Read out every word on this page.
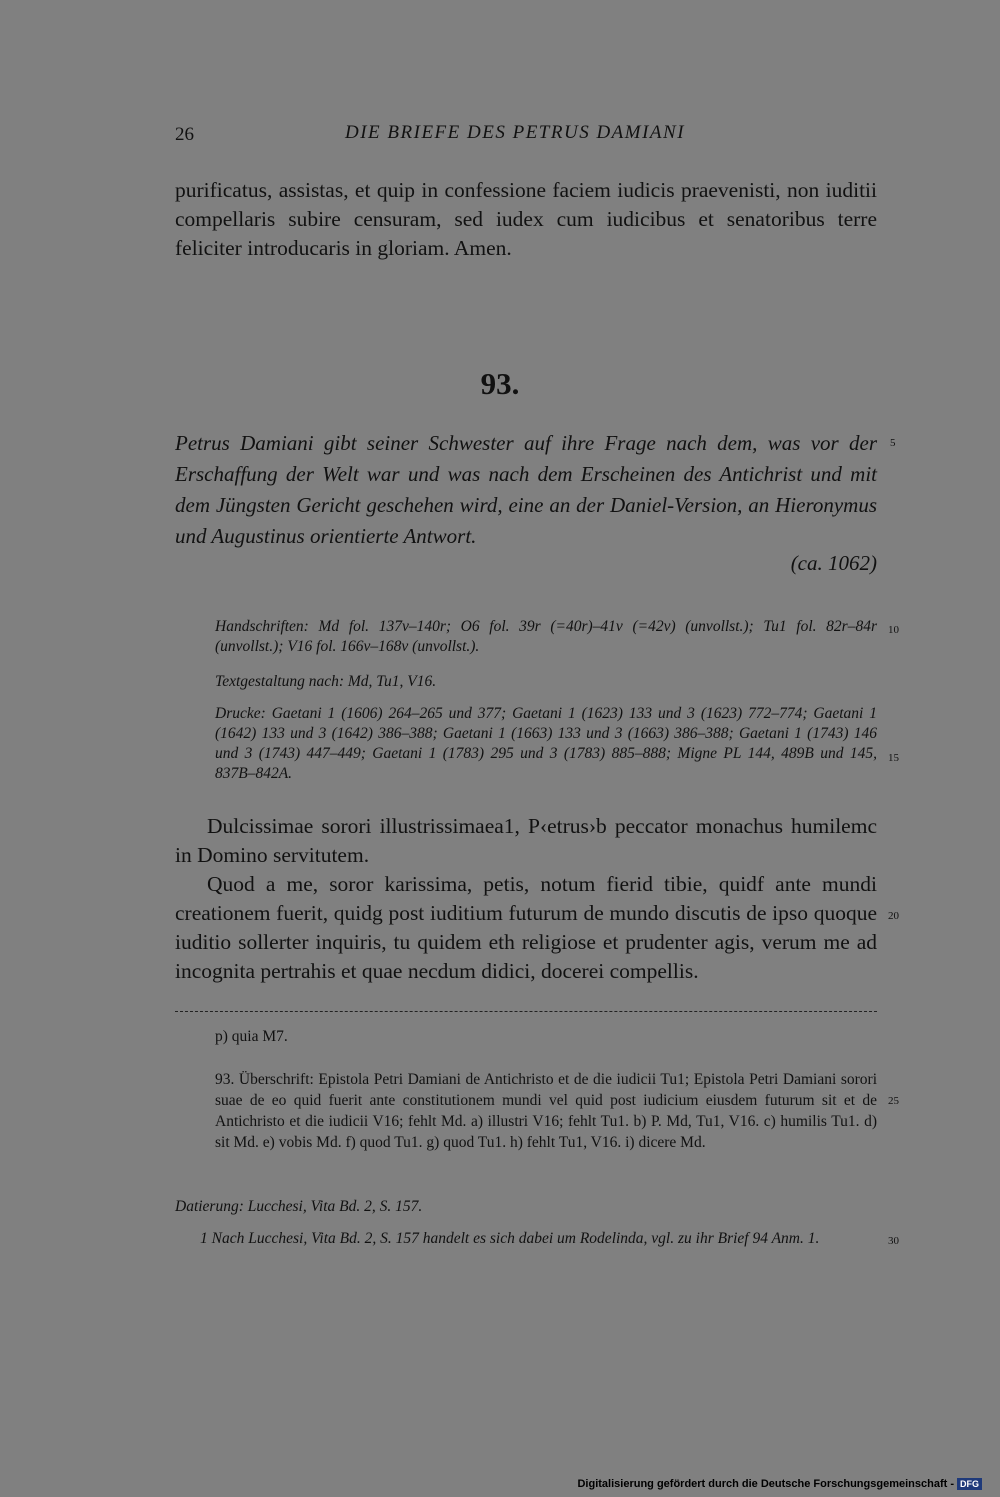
26	DIE BRIEFE DES PETRUS DAMIANI
purificatus, assistas, et quip in confessione faciem iudicis praevenisti, non iuditii compellaris subire censuram, sed iudex cum iudicibus et senatoribus terre feliciter introducaris in gloriam. Amen.
93.
Petrus Damiani gibt seiner Schwester auf ihre Frage nach dem, was vor der Erschaffung der Welt war und was nach dem Erscheinen des Antichrist und mit dem Jüngsten Gericht geschehen wird, eine an der Daniel-Version, an Hieronymus und Augustinus orientierte Antwort.
5
(ca. 1062)
Handschriften: Md fol. 137v–140r; O6 fol. 39r (=40r)–41v (=42v) (unvollst.); Tu1 fol. 82r–84r (unvollst.); V16 fol. 166v–168v (unvollst.).
10
Textgestaltung nach: Md, Tu1, V16.
Drucke: Gaetani 1 (1606) 264–265 und 377; Gaetani 1 (1623) 133 und 3 (1623) 772–774; Gaetani 1 (1642) 133 und 3 (1642) 386–388; Gaetani 1 (1663) 133 und 3 (1663) 386–388; Gaetani 1 (1743) 146 und 3 (1743) 447–449; Gaetani 1 (1783) 295 und 3 (1783) 885–888; Migne PL 144, 489B und 145, 837B–842A.
15
Dulcissimae sorori illustrissimaea1, P‹etrus›b peccator monachus humilemc in Domino servitutem.
Quod a me, soror karissima, petis, notum fierid tibie, quidf ante mundi creationem fuerit, quidg post iuditium futurum de mundo discutis de ipso quoque iuditio sollerter inquiris, tu quidem eth religiose et prudenter agis, verum me ad incognita pertrahis et quae necdum didici, docerei compellis.
20
p) quia M7.
93. Überschrift: Epistola Petri Damiani de Antichristo et de die iudicii Tu1; Epistola Petri Damiani sorori suae de eo quid fuerit ante constitutionem mundi vel quid post iudicium eiusdem futurum sit et de Antichristo et die iudicii V16; fehlt Md. a) illustri V16; fehlt Tu1. b) P. Md, Tu1, V16. c) humilis Tu1. d) sit Md. e) vobis Md. f) quod Tu1. g) quod Tu1. h) fehlt Tu1, V16. i) dicere Md.
25
Datierung: Lucchesi, Vita Bd. 2, S. 157.
1 Nach Lucchesi, Vita Bd. 2, S. 157 handelt es sich dabei um Rodelinda, vgl. zu ihr Brief 94 Anm. 1.	30
Digitalisierung gefördert durch die Deutsche Forschungsgemeinschaft - DFG
